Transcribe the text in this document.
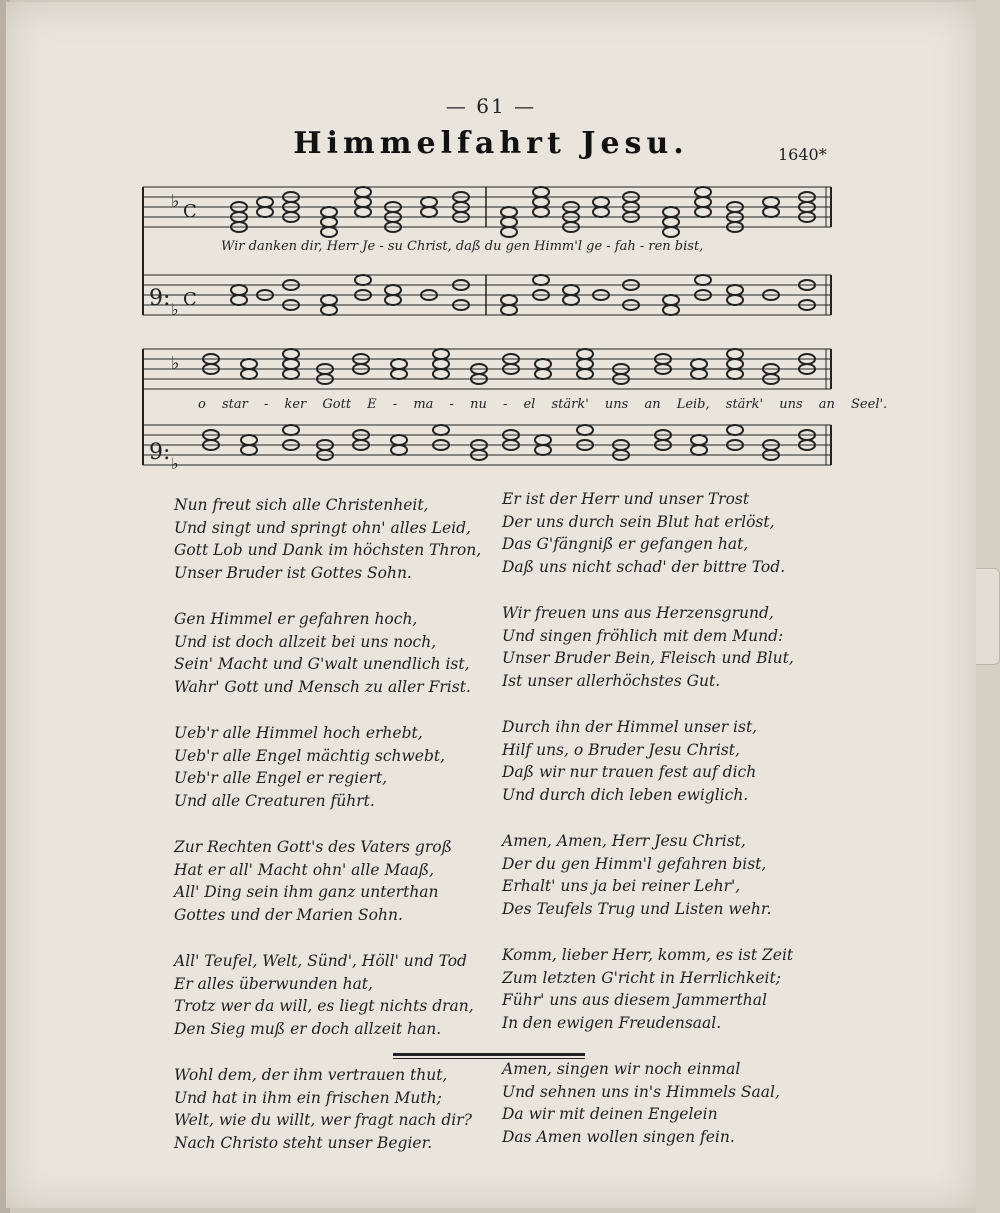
— 61 —
Himmelfahrt Jesu.	1640*
♭ C
9: ♭ C
♭
9: ♭
Wir danken dir, Herr Je - su Christ, daß du gen Himm'l ge - fah - ren bist,
o star - ker Gott E - ma - nu - el stärk' uns an Leib, stärk' uns an Seel'.
Nun freut sich alle Christenheit,
Und singt und springt ohn' alles Leid,
Gott Lob und Dank im höchsten Thron,
Unser Bruder ist Gottes Sohn.
Gen Himmel er gefahren hoch,
Und ist doch allzeit bei uns noch,
Sein' Macht und G'walt unendlich ist,
Wahr' Gott und Mensch zu aller Frist.
Ueb'r alle Himmel hoch erhebt,
Ueb'r alle Engel mächtig schwebt,
Ueb'r alle Engel er regiert,
Und alle Creaturen führt.
Zur Rechten Gott's des Vaters groß
Hat er all' Macht ohn' alle Maaß,
All' Ding sein ihm ganz unterthan
Gottes und der Marien Sohn.
All' Teufel, Welt, Sünd', Höll' und Tod
Er alles überwunden hat,
Trotz wer da will, es liegt nichts dran,
Den Sieg muß er doch allzeit han.
Wohl dem, der ihm vertrauen thut,
Und hat in ihm ein frischen Muth;
Welt, wie du willt, wer fragt nach dir?
Nach Christo steht unser Begier.
Er ist der Herr und unser Trost
Der uns durch sein Blut hat erlöst,
Das G'fängniß er gefangen hat,
Daß uns nicht schad' der bittre Tod.
Wir freuen uns aus Herzensgrund,
Und singen fröhlich mit dem Mund:
Unser Bruder Bein, Fleisch und Blut,
Ist unser allerhöchstes Gut.
Durch ihn der Himmel unser ist,
Hilf uns, o Bruder Jesu Christ,
Daß wir nur trauen fest auf dich
Und durch dich leben ewiglich.
Amen, Amen, Herr Jesu Christ,
Der du gen Himm'l gefahren bist,
Erhalt' uns ja bei reiner Lehr',
Des Teufels Trug und Listen wehr.
Komm, lieber Herr, komm, es ist Zeit
Zum letzten G'richt in Herrlichkeit;
Führ' uns aus diesem Jammerthal
In den ewigen Freudensaal.
Amen, singen wir noch einmal
Und sehnen uns in's Himmels Saal,
Da wir mit deinen Engelein
Das Amen wollen singen fein.
